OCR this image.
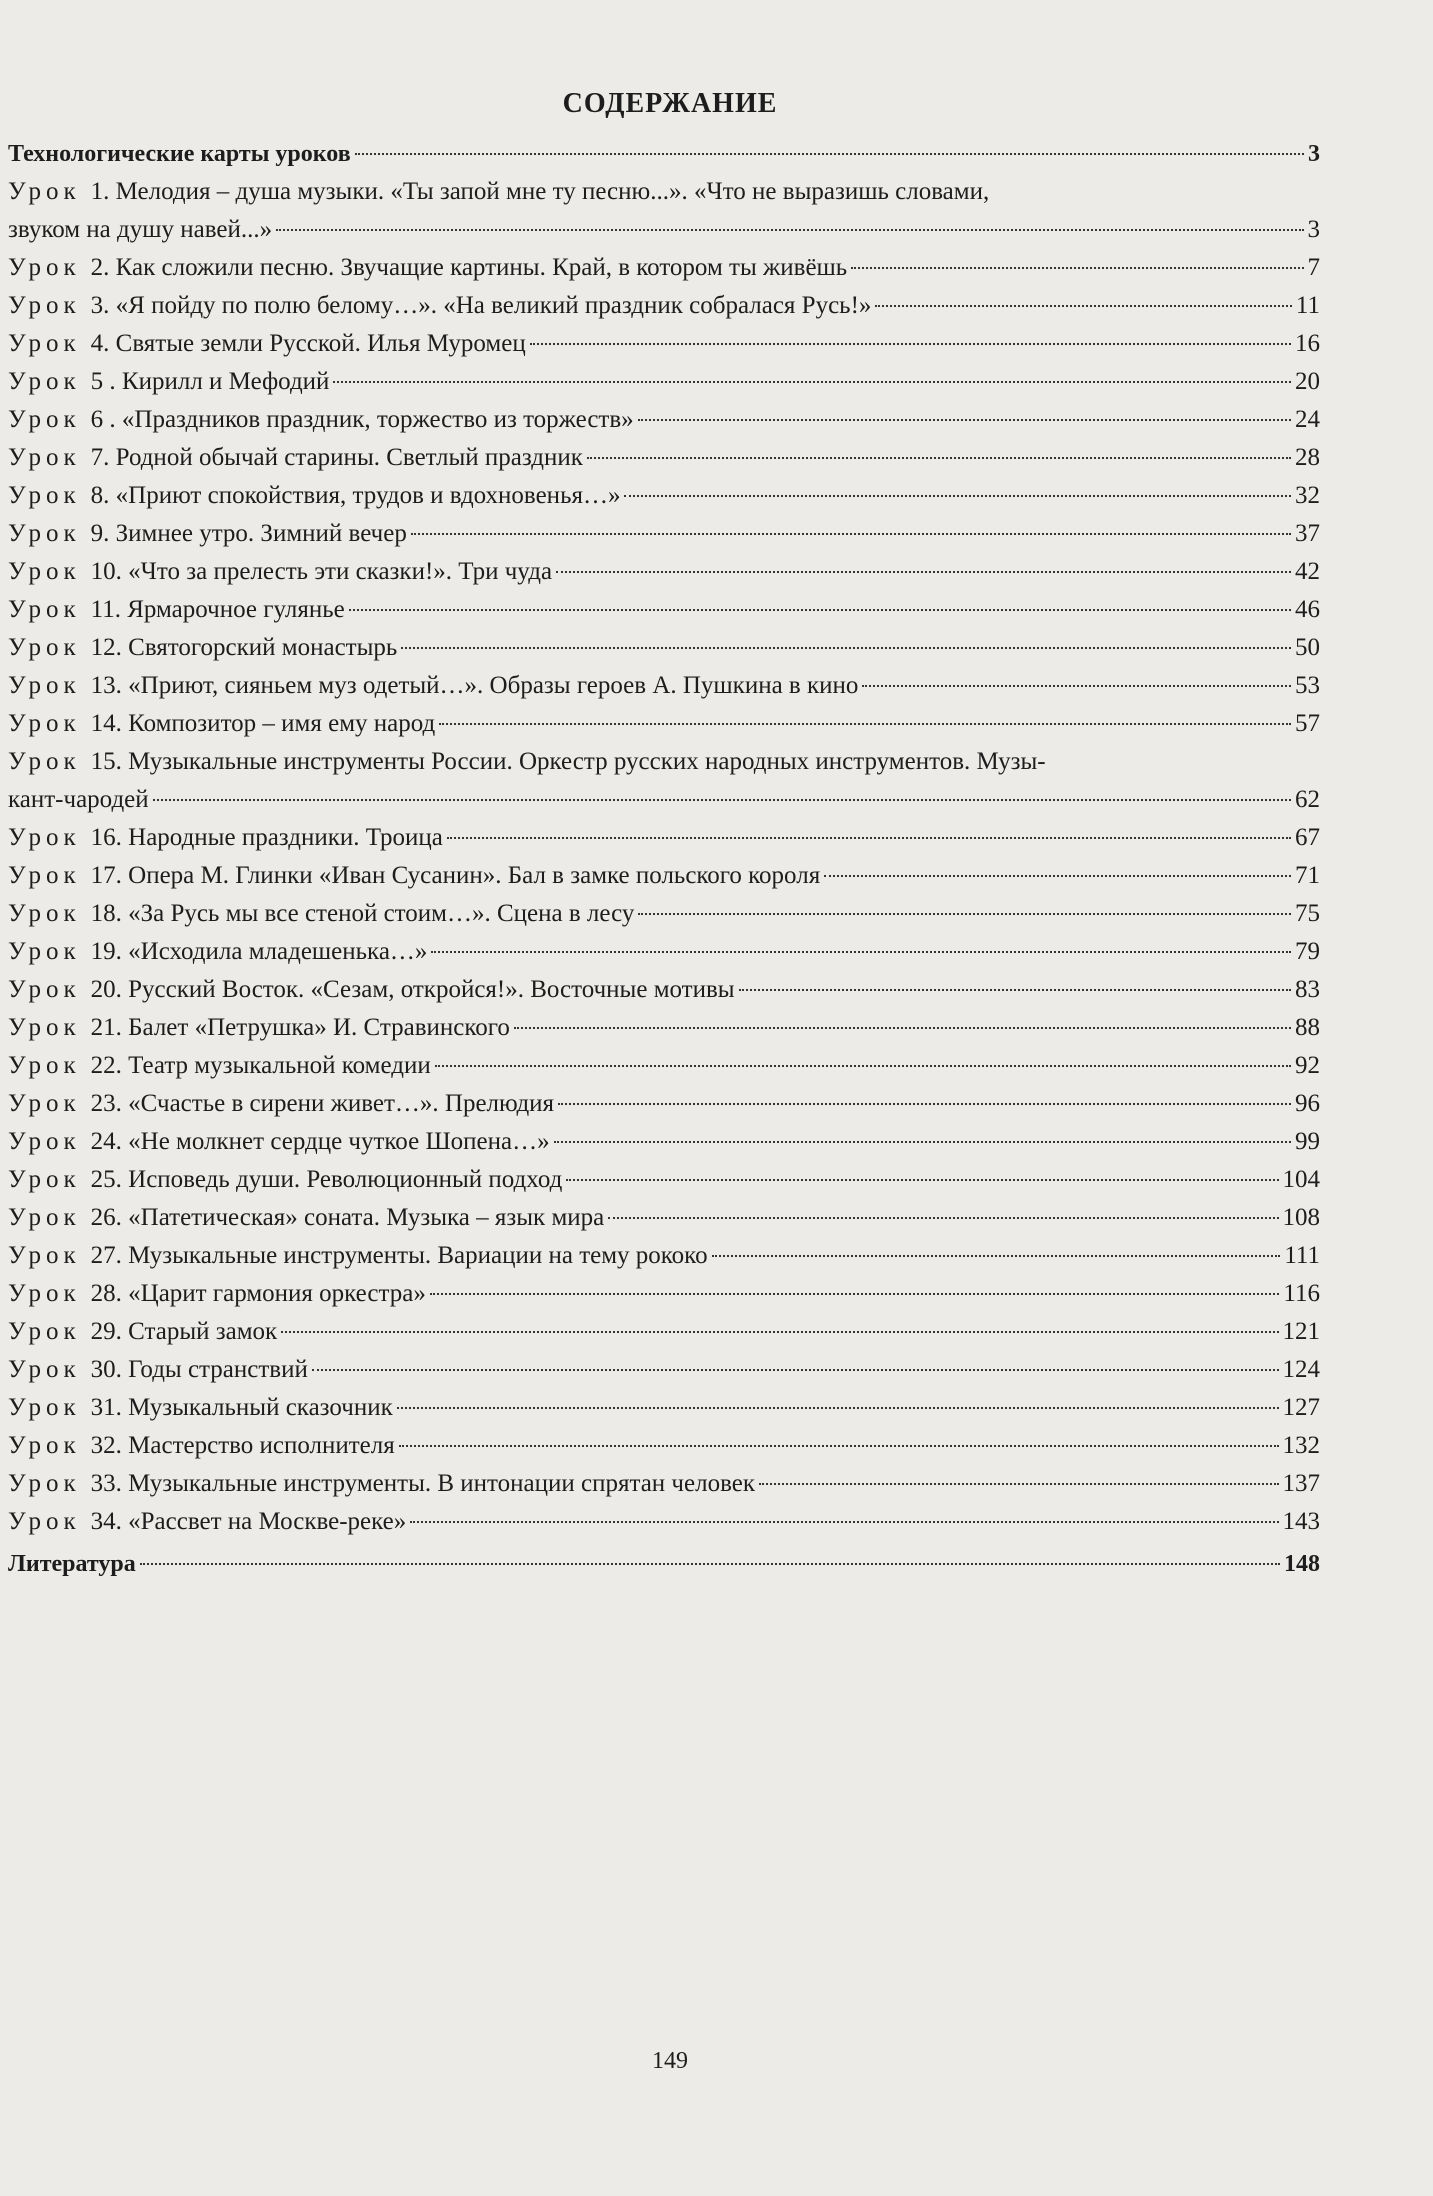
СОДЕРЖАНИЕ
Технологические карты уроков	3
Урок 1. Мелодия – душа музыки. «Ты запой мне ту песню...». «Что не выразишь словами,
звуком на душу навей...»	3
Урок 2. Как сложили песню. Звучащие картины. Край, в котором ты живёшь	7
Урок 3. «Я пойду по полю белому…». «На великий праздник собралася Русь!»	11
Урок 4. Святые земли Русской. Илья Муромец	16
Урок 5 . Кирилл и Мефодий	20
Урок 6 . «Праздников праздник, торжество из торжеств»	24
Урок 7. Родной обычай старины. Светлый праздник	28
Урок 8. «Приют спокойствия, трудов и вдохновенья…»	32
Урок 9. Зимнее утро. Зимний вечер	37
Урок 10. «Что за прелесть эти сказки!». Три чуда	42
Урок 11. Ярмарочное гулянье	46
Урок 12. Святогорский монастырь	50
Урок 13. «Приют, сияньем муз одетый…». Образы героев А. Пушкина в кино	53
Урок 14. Композитор – имя ему народ	57
Урок 15. Музыкальные инструменты России. Оркестр русских народных инструментов. Музы-
кант-чародей	62
Урок 16. Народные праздники. Троица	67
Урок 17. Опера М. Глинки «Иван Сусанин». Бал в замке польского короля	71
Урок 18. «За Русь мы все стеной стоим…». Сцена в лесу	75
Урок 19. «Исходила младешенька…»	79
Урок 20. Русский Восток. «Сезам, откройся!». Восточные мотивы	83
Урок 21. Балет «Петрушка» И. Стравинского	88
Урок 22. Театр музыкальной комедии	92
Урок 23. «Счастье в сирени живет…». Прелюдия	96
Урок 24. «Не молкнет сердце чуткое Шопена…»	99
Урок 25. Исповедь души. Революционный подход	104
Урок 26. «Патетическая» соната. Музыка – язык мира	108
Урок 27. Музыкальные инструменты. Вариации на тему рококо	111
Урок 28. «Царит гармония оркестра»	116
Урок 29. Старый замок	121
Урок 30. Годы странствий	124
Урок 31. Музыкальный сказочник	127
Урок 32. Мастерство исполнителя	132
Урок 33. Музыкальные инструменты. В интонации спрятан человек	137
Урок 34. «Рассвет на Москве-реке»	143
Литература	148
149
